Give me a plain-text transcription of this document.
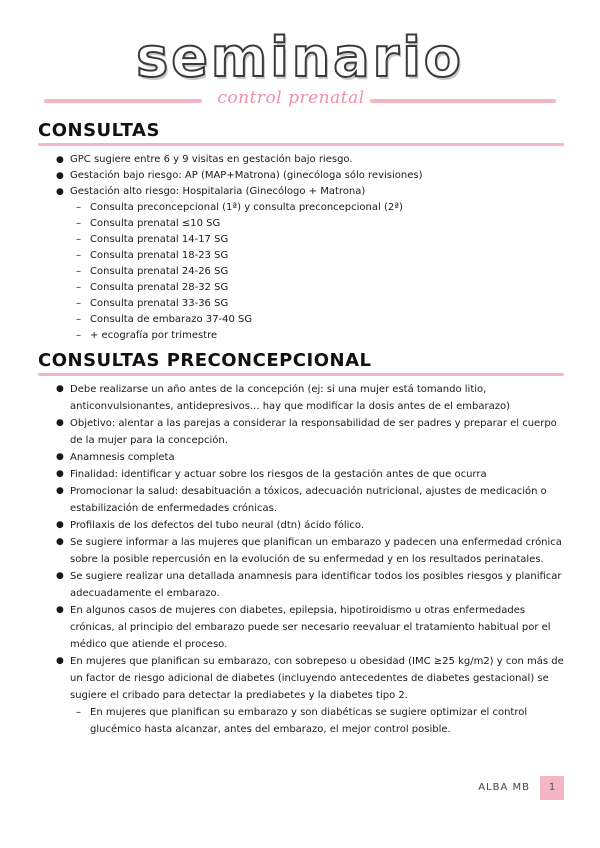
seminario
control prenatal
CONSULTAS
● GPC sugiere entre 6 y 9 visitas en gestación bajo riesgo.
● Gestación bajo riesgo: AP (MAP+Matrona) (ginecóloga sólo revisiones)
● Gestación alto riesgo: Hospitalaria (Ginecólogo + Matrona)
– Consulta preconcepcional (1ª) y consulta preconcepcional (2ª)
– Consulta prenatal ≤10 SG
– Consulta prenatal 14-17 SG
– Consulta prenatal 18-23 SG
– Consulta prenatal 24-26 SG
– Consulta prenatal 28-32 SG
– Consulta prenatal 33-36 SG
– Consulta de embarazo 37-40 SG
– + ecografía por trimestre
CONSULTAS PRECONCEPCIONAL
● Debe realizarse un año antes de la concepción (ej: si una mujer está tomando litio, anticonvulsionantes, antidepresivos... hay que modificar la dosis antes de el embarazo)
● Objetivo: alentar a las parejas a considerar la responsabilidad de ser padres y preparar el cuerpo de la mujer para la concepción.
● Anamnesis completa
● Finalidad: identificar y actuar sobre los riesgos de la gestación antes de que ocurra
● Promocionar la salud: desabituación a tóxicos, adecuación nutricional, ajustes de medicación o estabilización de enfermedades crónicas.
● Profilaxis de los defectos del tubo neural (dtn) ácido fólico.
● Se sugiere informar a las mujeres que planifican un embarazo y padecen una enfermedad crónica sobre la posible repercusión en la evolución de su enfermedad y en los resultados perinatales.
● Se sugiere realizar una detallada anamnesis para identificar todos los posibles riesgos y planificar adecuadamente el embarazo.
● En algunos casos de mujeres con diabetes, epilepsia, hipotiroidismo u otras enfermedades crónicas, al principio del embarazo puede ser necesario reevaluar el tratamiento habitual por el médico que atiende el proceso.
● En mujeres que planifican su embarazo, con sobrepeso u obesidad (IMC ≥25 kg/m2) y con más de un factor de riesgo adicional de diabetes (incluyendo antecedentes de diabetes gestacional) se sugiere el cribado para detectar la prediabetes y la diabetes tipo 2.
– En mujeres que planifican su embarazo y son diabéticas se sugiere optimizar el control glucémico hasta alcanzar, antes del embarazo, el mejor control posible.
ALBA MB	1
